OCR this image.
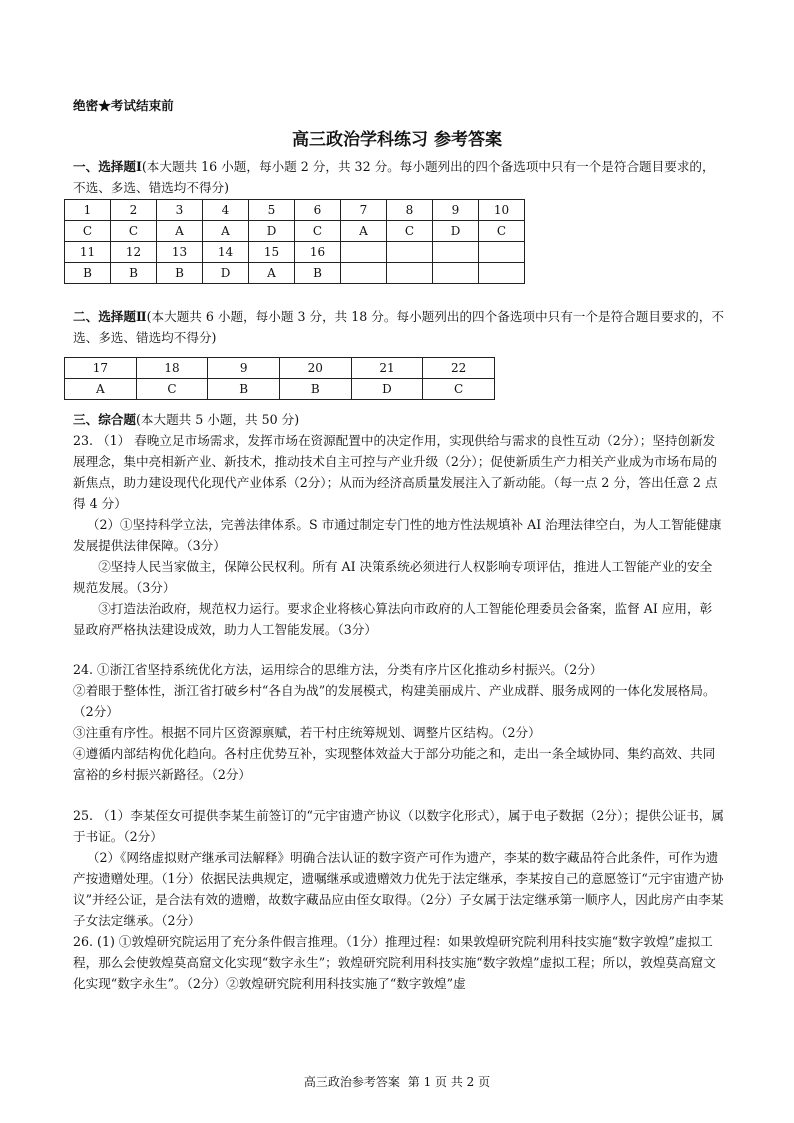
绝密★考试结束前
高三政治学科练习 参考答案
一、选择题Ⅰ(本大题共 16 小题，每小题 2 分，共 32 分。每小题列出的四个备选项中只有一个是符合题目要求的，不选、多选、错选均不得分)
1	2	3	4	5	6	7	8	9	10
C	C	A	A	D	C	A	C	D	C
11	12	13	14	15	16				
B	B	B	D	A	B				
二、选择题Ⅱ(本大题共 6 小题，每小题 3 分，共 18 分。每小题列出的四个备选项中只有一个是符合题目要求的，不选、多选、错选均不得分)
17	18	9	20	21	22
A	C	B	B	D	C
三、综合题(本大题共 5 小题，共 50 分)

23. （1） 春晚立足市场需求，发挥市场在资源配置中的决定作用，实现供给与需求的良性互动（2分）；坚持创新发展理念，集中亮相新产业、新技术，推动技术自主可控与产业升级（2分）；促使新质生产力相关产业成为市场布局的新焦点，助力建设现代化现代产业体系（2分）；从而为经济高质量发展注入了新动能。（每一点 2 分，答出任意 2 点得 4 分）

（2）①坚持科学立法，完善法律体系。S 市通过制定专门性的地方性法规填补 AI 治理法律空白，为人工智能健康发展提供法律保障。（3分）

②坚持人民当家做主，保障公民权利。所有 AI 决策系统必须进行人权影响专项评估，推进人工智能产业的安全规范发展。（3分）

③打造法治政府，规范权力运行。要求企业将核心算法向市政府的人工智能伦理委员会备案，监督 AI 应用，彰显政府严格执法建设成效，助力人工智能发展。（3分）

24. ①浙江省坚持系统优化方法，运用综合的思维方法，分类有序片区化推动乡村振兴。（2分）

②着眼于整体性，浙江省打破乡村“各自为战”的发展模式，构建美丽成片、产业成群、服务成网的一体化发展格局。（2分）

③注重有序性。根据不同片区资源禀赋，若干村庄统筹规划、调整片区结构。（2分）

④遵循内部结构优化趋向。各村庄优势互补，实现整体效益大于部分功能之和，走出一条全域协同、集约高效、共同富裕的乡村振兴新路径。（2分）

25. （1）李某侄女可提供李某生前签订的“元宇宙遗产协议（以数字化形式），属于电子数据（2分）；提供公证书，属于书证。（2分）

（2）《网络虚拟财产继承司法解释》明确合法认证的数字资产可作为遗产，李某的数字藏品符合此条件，可作为遗产按遗赠处理。（1分）依据民法典规定，遗嘱继承或遗赠效力优先于法定继承，李某按自己的意愿签订“元宇宙遗产协议”并经公证，是合法有效的遗赠，故数字藏品应由侄女取得。（2分）子女属于法定继承第一顺序人，因此房产由李某子女法定继承。（2分）

26. (1) ①敦煌研究院运用了充分条件假言推理。（1分）推理过程：如果敦煌研究院利用科技实施“数字敦煌”虚拟工程，那么会使敦煌莫高窟文化实现“数字永生”；敦煌研究院利用科技实施“数字敦煌”虚拟工程；所以，敦煌莫高窟文化实现“数字永生”。（2分）②敦煌研究院利用科技实施了“数字敦煌”虚

高三政治参考答案 第 1 页 共 2 页
